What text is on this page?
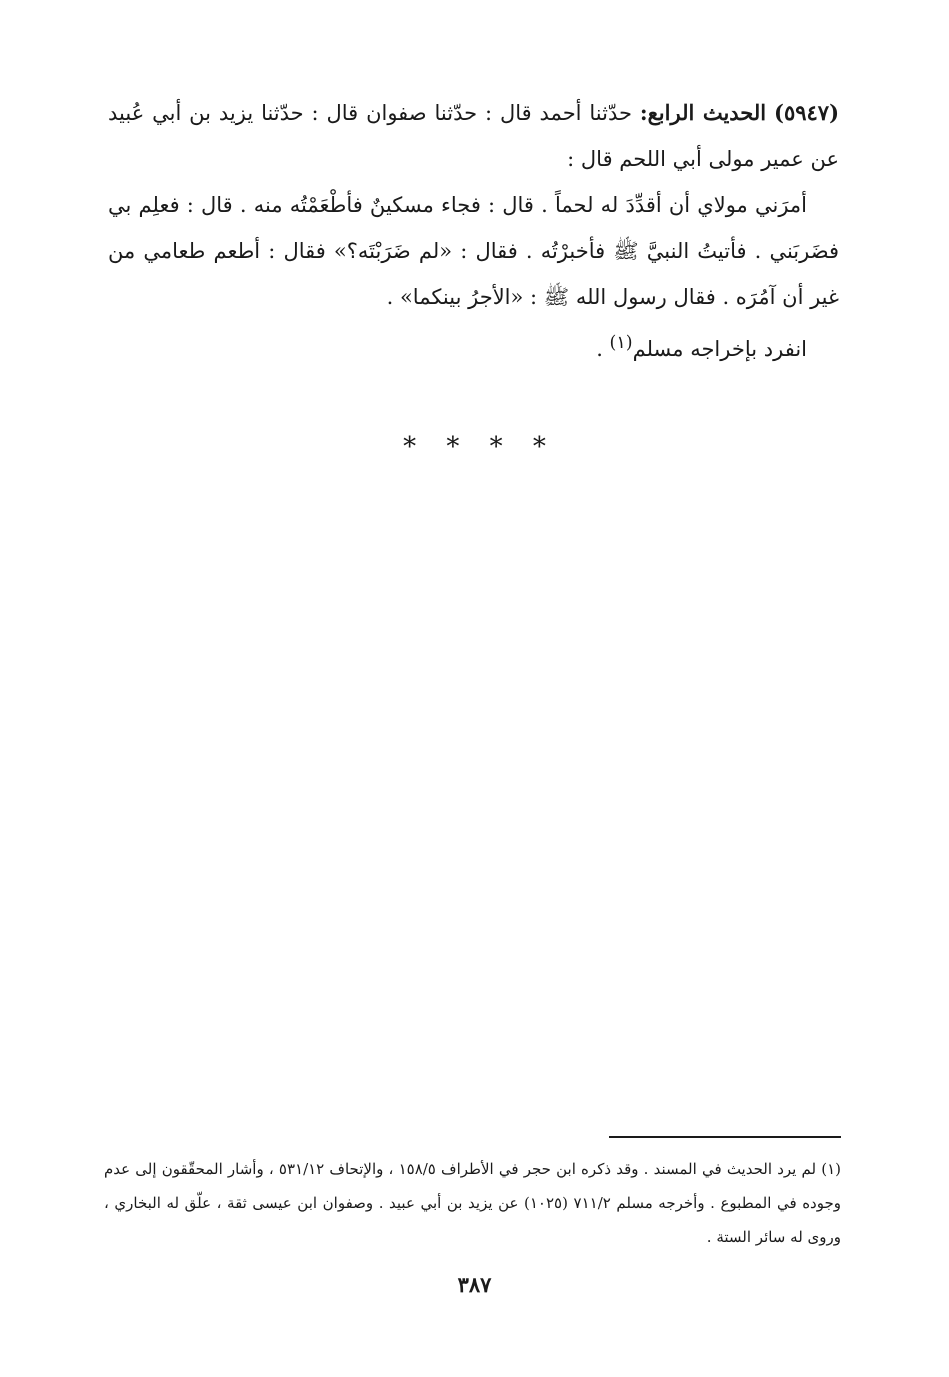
(٥٩٤٧) الحديث الرابع: حدّثنا أحمد قال : حدّثنا صفوان قال : حدّثنا يزيد بن أبي عُبيد عن عمير مولى أبي اللحم قال :

أمرَني مولاي أن أقدِّدَ له لحماً . قال : فجاء مسكينٌ فأطْعَمْتُه منه . قال : فعلِم بي فضَربَني . فأتيتُ النبيَّ ﷺ فأخبرْتُه . فقال : «لم ضَرَبْتَه؟» فقال : أطعم طعامي من غير أن آمُرَه . فقال رسول الله ﷺ : «الأجرُ بينكما» .

انفرد بإخراجه مسلم$^{(١)}$ .

* * * *

(١) لم يرد الحديث في المسند . وقد ذكره ابن حجر في الأطراف ١٥٨/٥ ، والإتحاف ٥٣١/١٢ ، وأشار المحقّقون إلى عدم وجوده في المطبوع . وأخرجه مسلم ٧١١/٢ (١٠٢٥) عن يزيد بن أبي عبيد . وصفوان ابن عيسى ثقة ، علّق له البخاري ، وروى له سائر الستة .

٣٨٧
